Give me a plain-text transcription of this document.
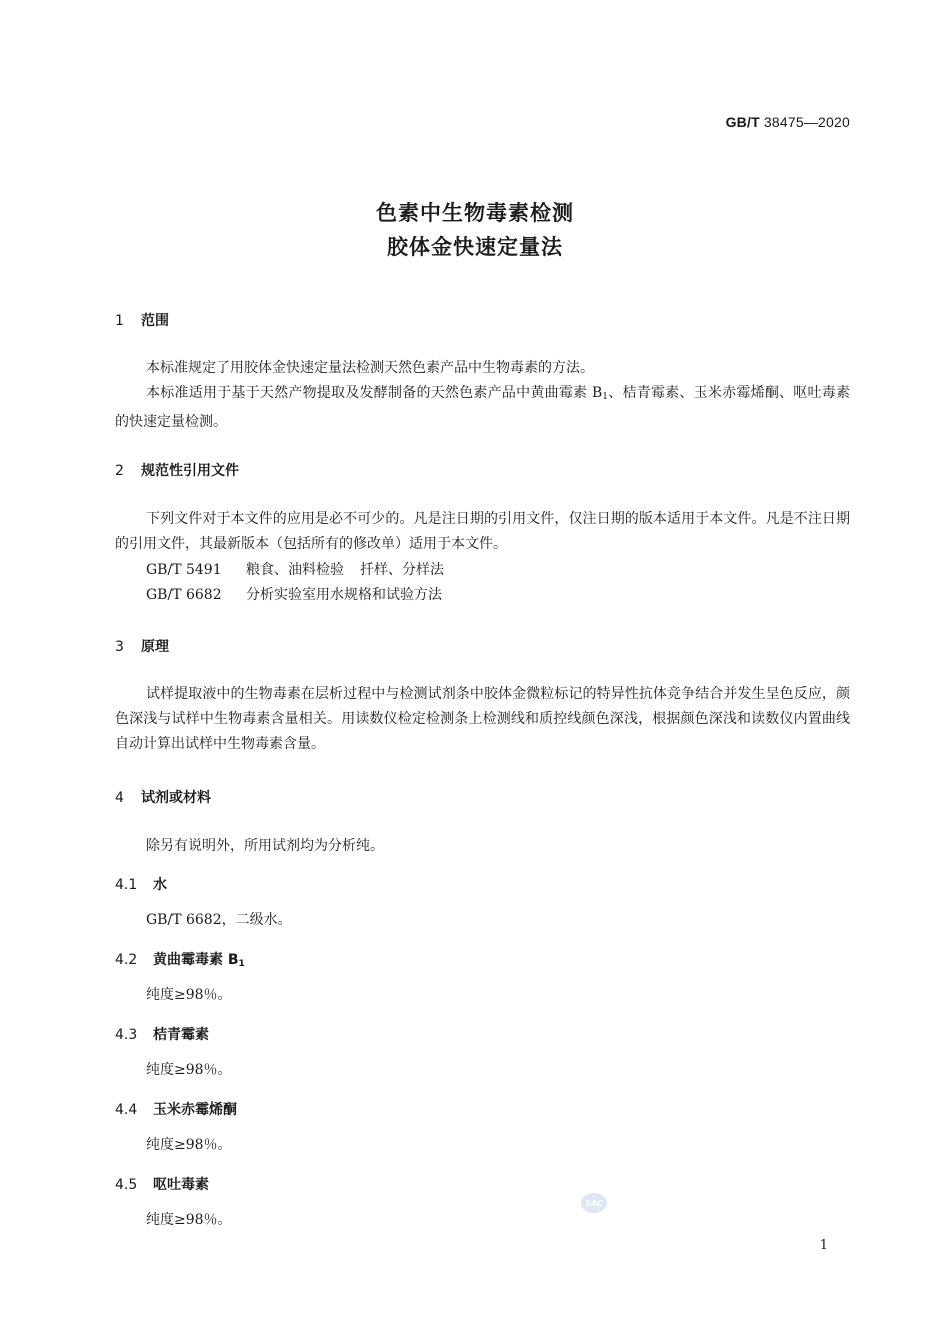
GB/T 38475—2020
色素中生物毒素检测
胶体金快速定量法
1 范围
本标准规定了用胶体金快速定量法检测天然色素产品中生物毒素的方法。
本标准适用于基于天然产物提取及发酵制备的天然色素产品中黄曲霉素 $B_1$、桔青霉素、玉米赤霉烯酮、呕吐毒素的快速定量检测。
2 规范性引用文件
下列文件对于本文件的应用是必不可少的。凡是注日期的引用文件，仅注日期的版本适用于本文件。凡是不注日期的引用文件，其最新版本（包括所有的修改单）适用于本文件。
GB/T 5491 粮食、油料检验 扦样、分样法
GB/T 6682 分析实验室用水规格和试验方法
3 原理
试样提取液中的生物毒素在层析过程中与检测试剂条中胶体金微粒标记的特异性抗体竞争结合并发生呈色反应，颜色深浅与试样中生物毒素含量相关。用读数仪检定检测条上检测线和质控线颜色深浅，根据颜色深浅和读数仪内置曲线自动计算出试样中生物毒素含量。
4 试剂或材料
除另有说明外，所用试剂均为分析纯。
4.1 水
GB/T 6682，二级水。
4.2 黄曲霉毒素 $B_1$
纯度≥98％。
4.3 桔青霉素
纯度≥98％。
4.4 玉米赤霉烯酮
纯度≥98％。
4.5 呕吐毒素
纯度≥98％。
SAC
1
